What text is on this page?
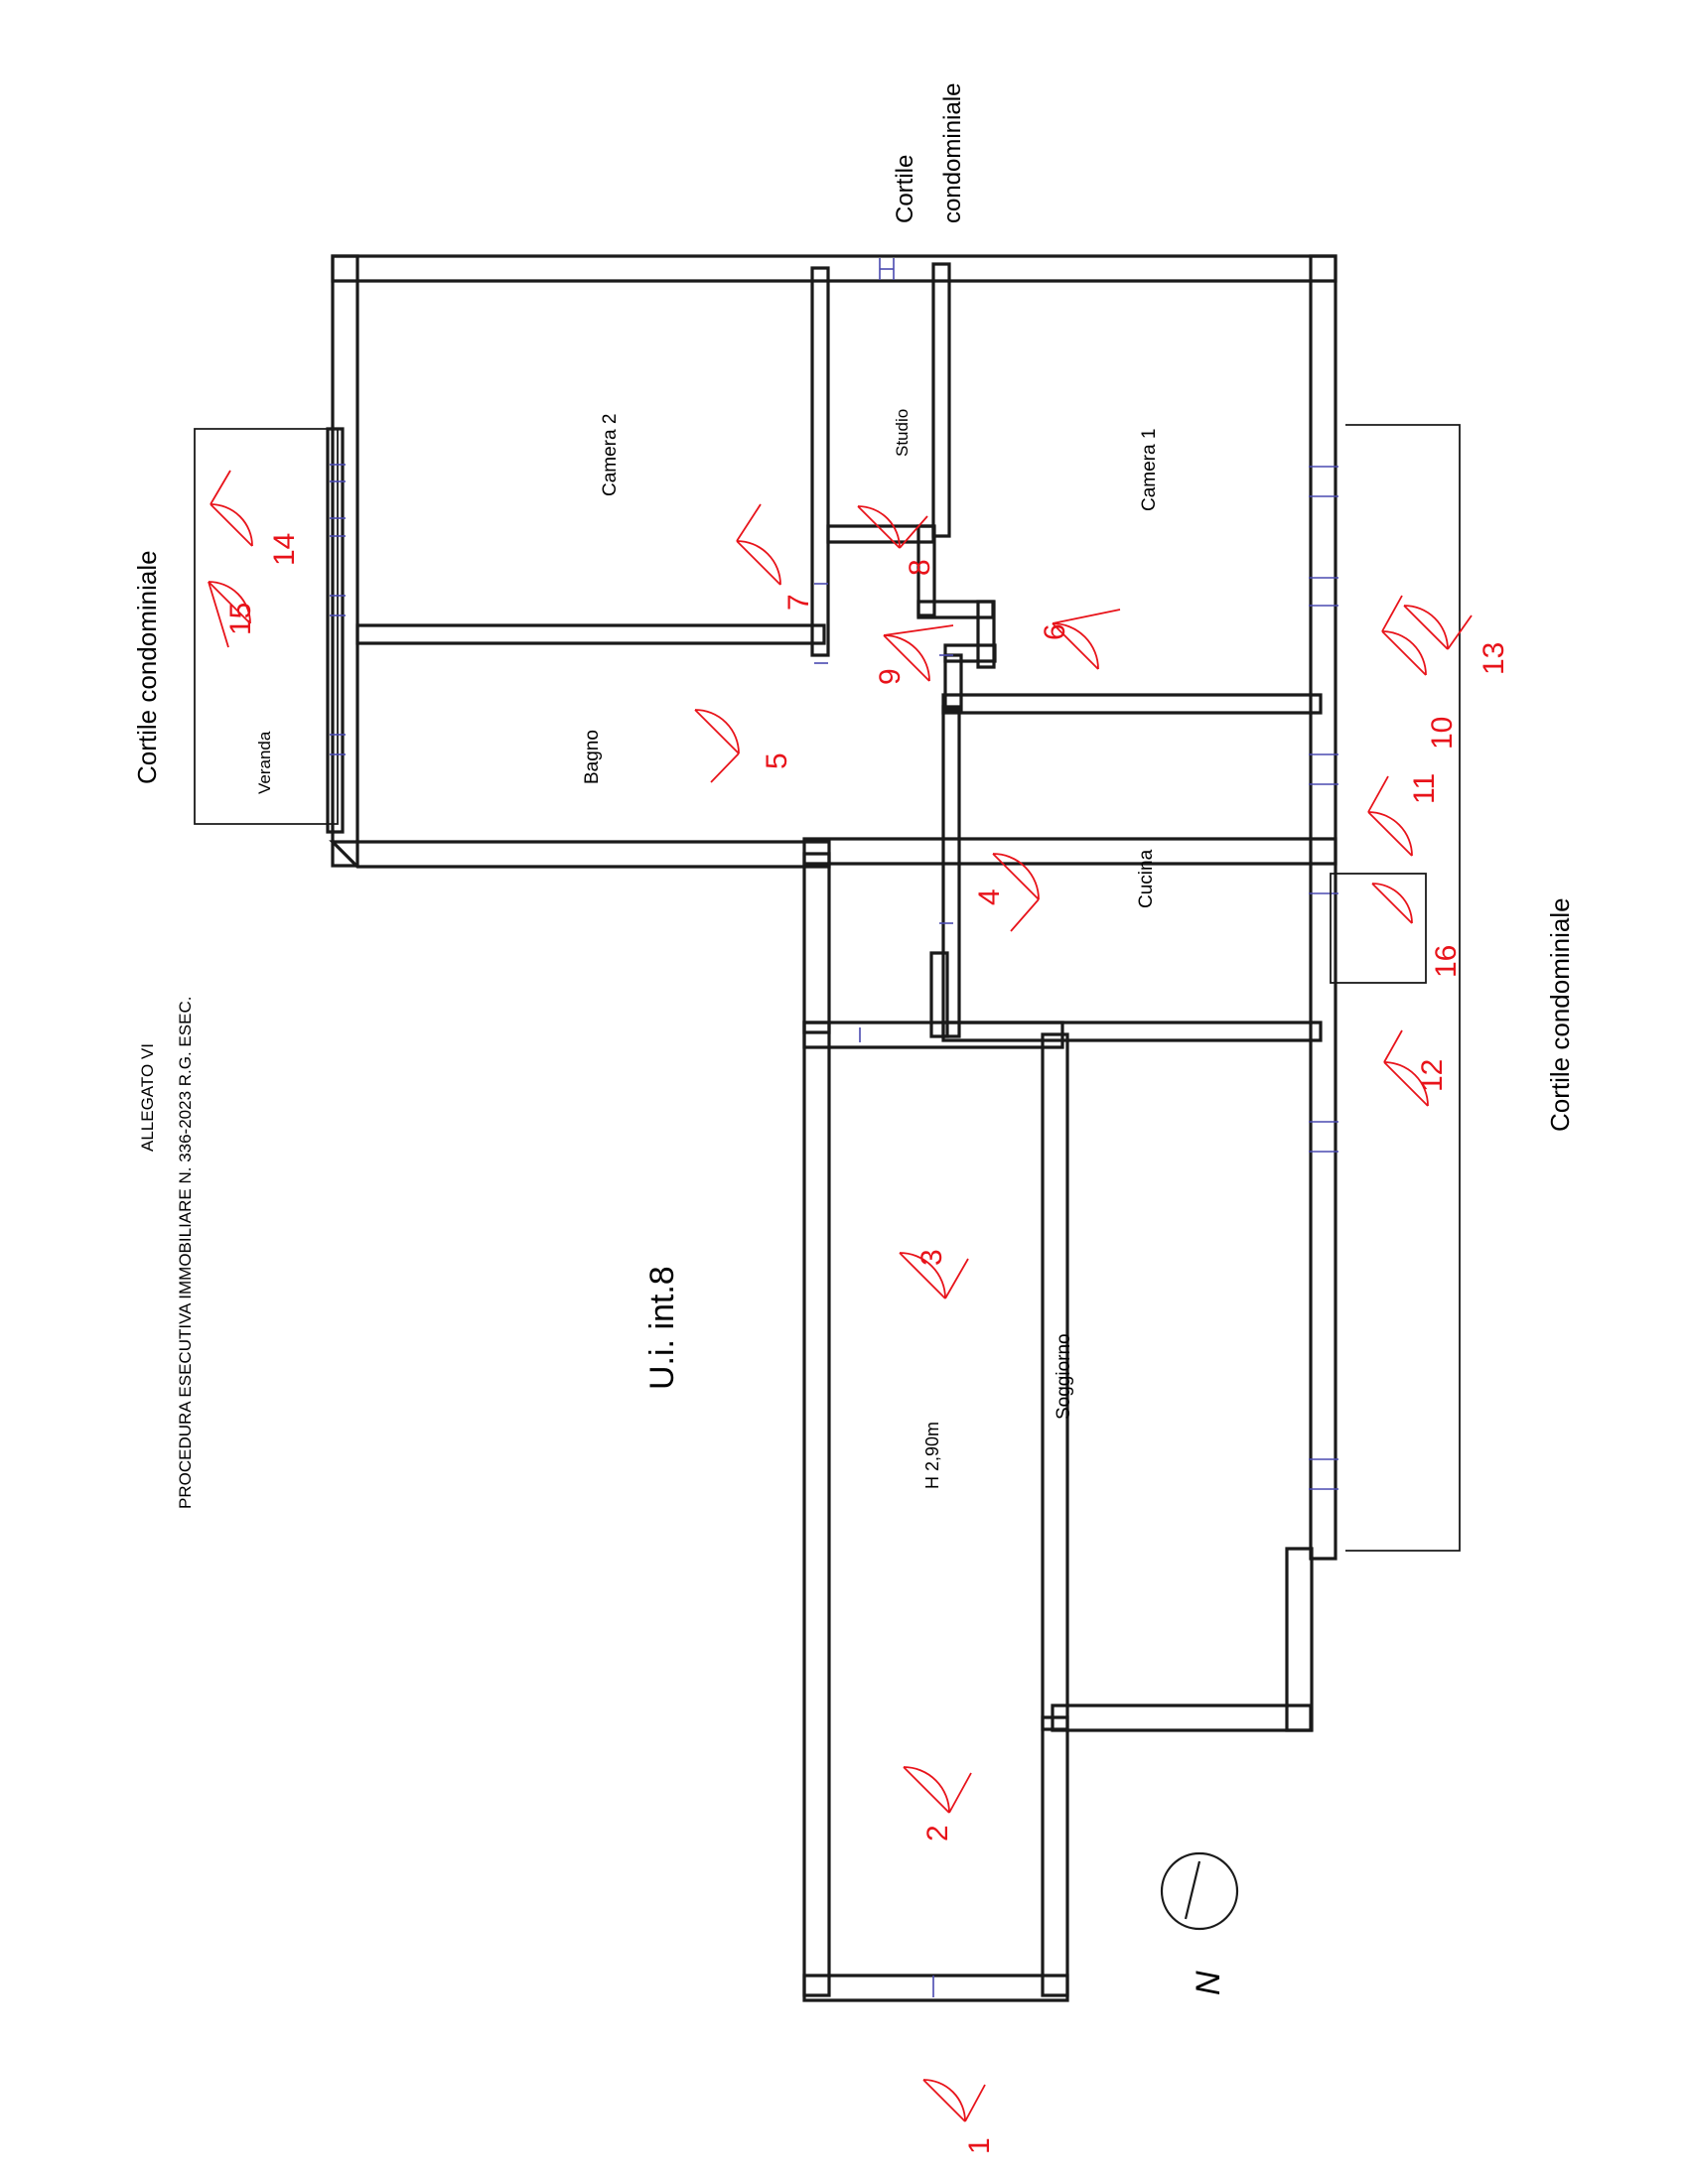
ALLEGATO VI PROCEDURA ESECUTIVA IMMOBILIARE N. 336-2023 R.G. ESEC.	U.i. int.8
H 2,90m
Cortile condominiale
Cortile condominiale
Cortile condominiale
Camera 2	Studio	Camera 1
Veranda	Bagno
Cucina
Soggiorno
N
1
2
3
4
5
6
7
8
9
10
11
12
13
14
15
16
